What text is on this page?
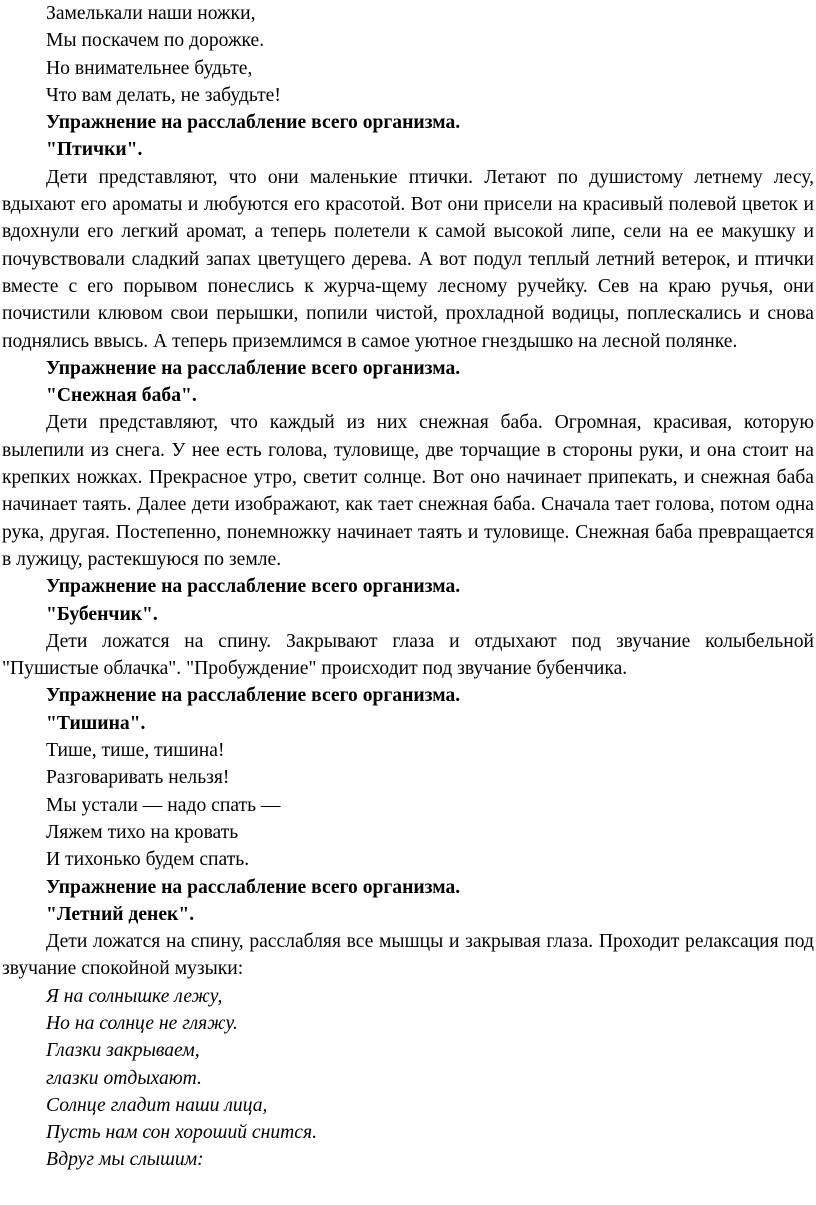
Замелькали наши ножки,
Мы поскачем по дорожке.
Но внимательнее будьте,
Что вам делать, не забудьте!
Упражнение на расслабление всего организма.
"Птички".

Дети представляют, что они маленькие птички. Летают по душистому летнему лесу, вдыхают его ароматы и любуются его красотой. Вот они присели на красивый полевой цветок и вдохнули его легкий аромат, а теперь полетели к самой высокой липе, сели на ее макушку и почувствовали сладкий запах цветущего дерева. А вот подул теплый летний ветерок, и птички вместе с его порывом понеслись к журча-щему лесному ручейку. Сев на краю ручья, они почистили клювом свои перышки, попили чистой, прохладной водицы, поплескались и снова поднялись ввысь. А теперь приземлимся в самое уютное гнездышко на лесной полянке.

Упражнение на расслабление всего организма.
"Снежная баба".

Дети представляют, что каждый из них снежная баба. Огромная, красивая, которую вылепили из снега. У нее есть голова, туловище, две торчащие в стороны руки, и она стоит на крепких ножках. Прекрасное утро, светит солнце. Вот оно начинает припекать, и снежная баба начинает таять. Далее дети изображают, как тает снежная баба. Сначала тает голова, потом одна рука, другая. Постепенно, понемножку начинает таять и туловище. Снежная баба превращается в лужицу, растекшуюся по земле.

Упражнение на расслабление всего организма.
"Бубенчик".

Дети ложатся на спину. Закрывают глаза и отдыхают под звучание колыбельной "Пушистые облачка". "Пробуждение" происходит под звучание бубенчика.

Упражнение на расслабление всего организма.
"Тишина".
Тише, тише, тишина!
Разговаривать нельзя!
Мы устали — надо спать —
Ляжем тихо на кровать
И тихонько будем спать.
Упражнение на расслабление всего организма.
"Летний денек".

Дети ложатся на спину, расслабляя все мышцы и закрывая глаза. Проходит релаксация под звучание спокойной музыки:

Я на солнышке лежу,
Но на солнце не гляжу.
Глазки закрываем,
глазки отдыхают.
Солнце гладит наши лица,
Пусть нам сон хороший снится.
Вдруг мы слышим:
